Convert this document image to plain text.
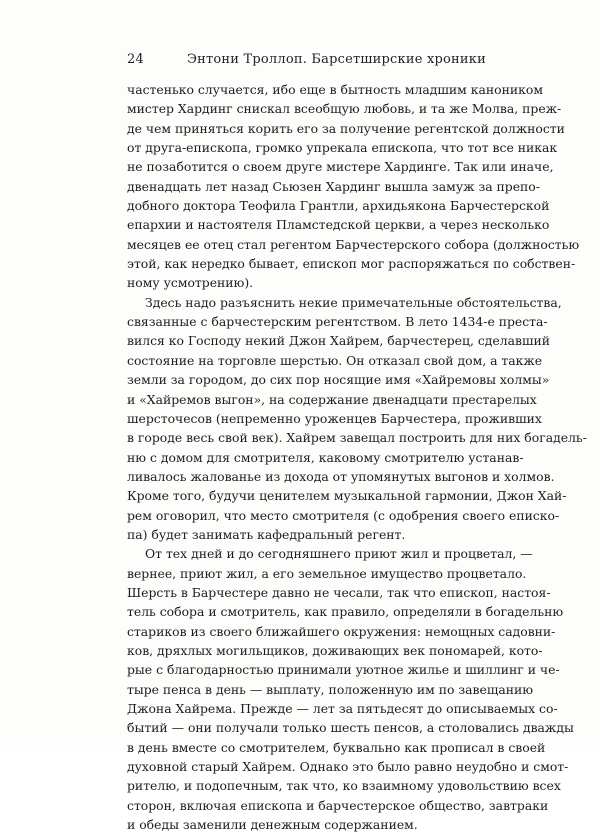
24	Энтони Троллоп. Барсетширские хроники
частенько случается, ибо еще в бытность младшим каноником
мистер Хардинг снискал всеобщую любовь, и та же Молва, преж-
де чем приняться корить его за получение регентской должности
от друга-епископа, громко упрекала епископа, что тот все никак
не позаботится о своем друге мистере Хардинге. Так или иначе,
двенадцать лет назад Сьюзен Хардинг вышла замуж за препо-
добного доктора Теофила Грантли, архидьякона Барчестерской
епархии и настоятеля Пламстедской церкви, а через несколько
месяцев ее отец стал регентом Барчестерского собора (должностью
этой, как нередко бывает, епископ мог распоряжаться по собствен-
ному усмотрению).
Здесь надо разъяснить некие примечательные обстоятельства,
связанные с барчестерским регентством. В лето 1434-е преста-
вился ко Господу некий Джон Хайрем, барчестерец, сделавший
состояние на торговле шерстью. Он отказал свой дом, а также
земли за городом, до сих пор носящие имя «Хайремовы холмы»
и «Хайремов выгон», на содержание двенадцати престарелых
шерсточесов (непременно уроженцев Барчестера, проживших
в городе весь свой век). Хайрем завещал построить для них богадель-
ню с домом для смотрителя, каковому смотрителю устанав-
ливалось жалованье из дохода от упомянутых выгонов и холмов.
Кроме того, будучи ценителем музыкальной гармонии, Джон Хай-
рем оговорил, что место смотрителя (с одобрения своего еписко-
па) будет занимать кафедральный регент.
От тех дней и до сегодняшнего приют жил и процветал, —
вернее, приют жил, а его земельное имущество процветало.
Шерсть в Барчестере давно не чесали, так что епископ, настоя-
тель собора и смотритель, как правило, определяли в богадельню
стариков из своего ближайшего окружения: немощных садовни-
ков, дряхлых могильщиков, доживающих век пономарей, кото-
рые с благодарностью принимали уютное жилье и шиллинг и че-
тыре пенса в день — выплату, положенную им по завещанию
Джона Хайрема. Прежде — лет за пятьдесят до описываемых со-
бытий — они получали только шесть пенсов, а столовались дважды
в день вместе со смотрителем, буквально как прописал в своей
духовной старый Хайрем. Однако это было равно неудобно и смот-
рителю, и подопечным, так что, ко взаимному удовольствию всех
сторон, включая епископа и барчестерское общество, завтраки
и обеды заменили денежным содержанием.
